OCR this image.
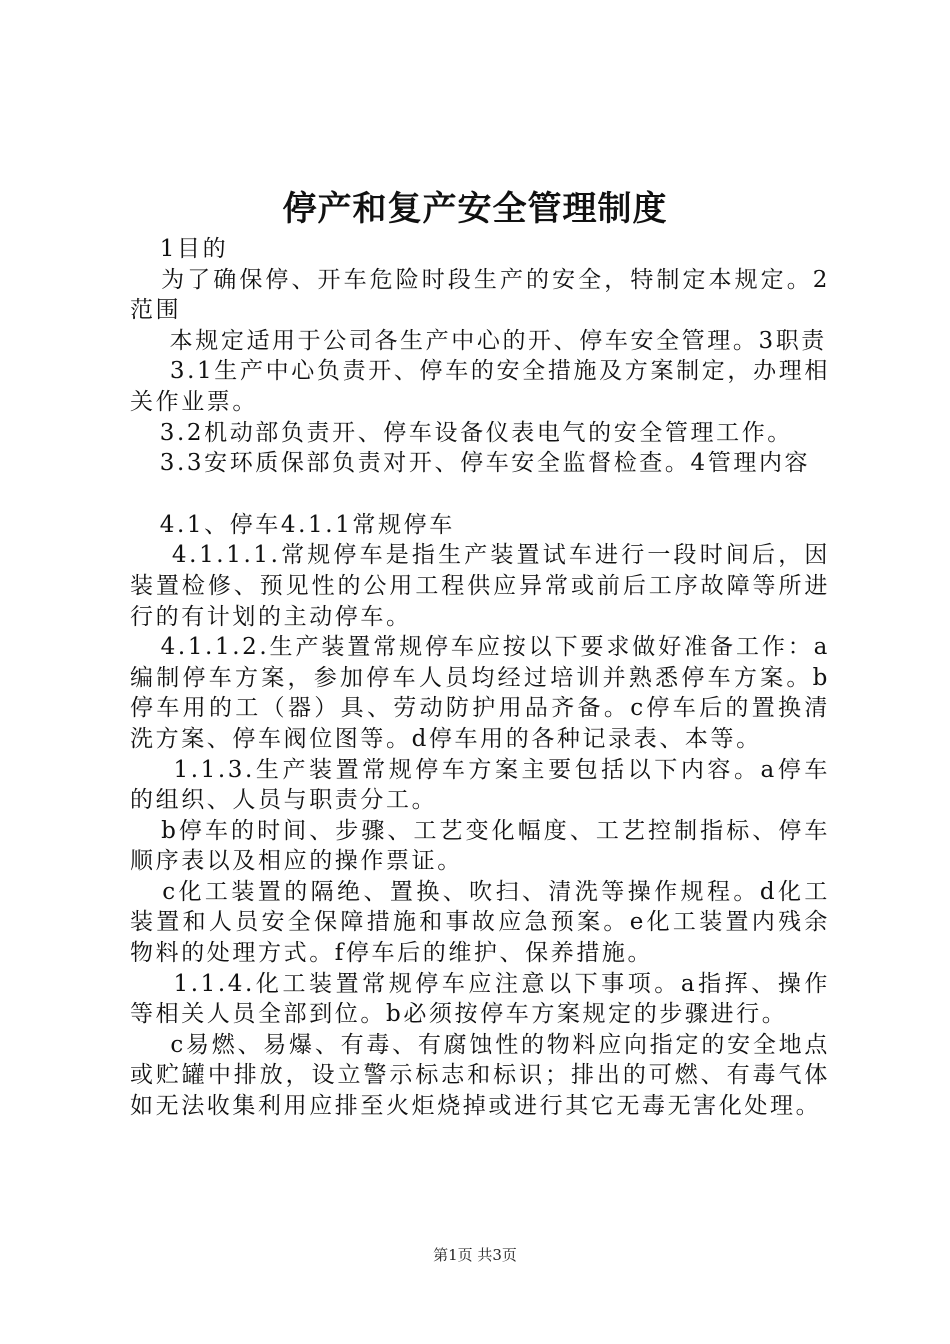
停产和复产安全管理制度

1目的

为了确保停、开车危险时段生产的安全，特制定本规定。2范围

本规定适用于公司各生产中心的开、停车安全管理。3职责

3.1生产中心负责开、停车的安全措施及方案制定，办理相关作业票。

3.2机动部负责开、停车设备仪表电气的安全管理工作。

3.3安环质保部负责对开、停车安全监督检查。4管理内容

4.1、停车4.1.1常规停车

4.1.1.1.常规停车是指生产装置试车进行一段时间后，因装置检修、预见性的公用工程供应异常或前后工序故障等所进行的有计划的主动停车。

4.1.1.2.生产装置常规停车应按以下要求做好准备工作：a编制停车方案，参加停车人员均经过培训并熟悉停车方案。b停车用的工（器）具、劳动防护用品齐备。c停车后的置换清洗方案、停车阀位图等。d停车用的各种记录表、本等。

1.1.3.生产装置常规停车方案主要包括以下内容。a停车的组织、人员与职责分工。

b停车的时间、步骤、工艺变化幅度、工艺控制指标、停车顺序表以及相应的操作票证。

c化工装置的隔绝、置换、吹扫、清洗等操作规程。d化工装置和人员安全保障措施和事故应急预案。e化工装置内残余物料的处理方式。f停车后的维护、保养措施。

1.1.4.化工装置常规停车应注意以下事项。a指挥、操作等相关人员全部到位。b必须按停车方案规定的步骤进行。

c易燃、易爆、有毒、有腐蚀性的物料应向指定的安全地点或贮罐中排放，设立警示标志和标识；排出的可燃、有毒气体如无法收集利用应排至火炬烧掉或进行其它无毒无害化处理。

第1页 共3页
